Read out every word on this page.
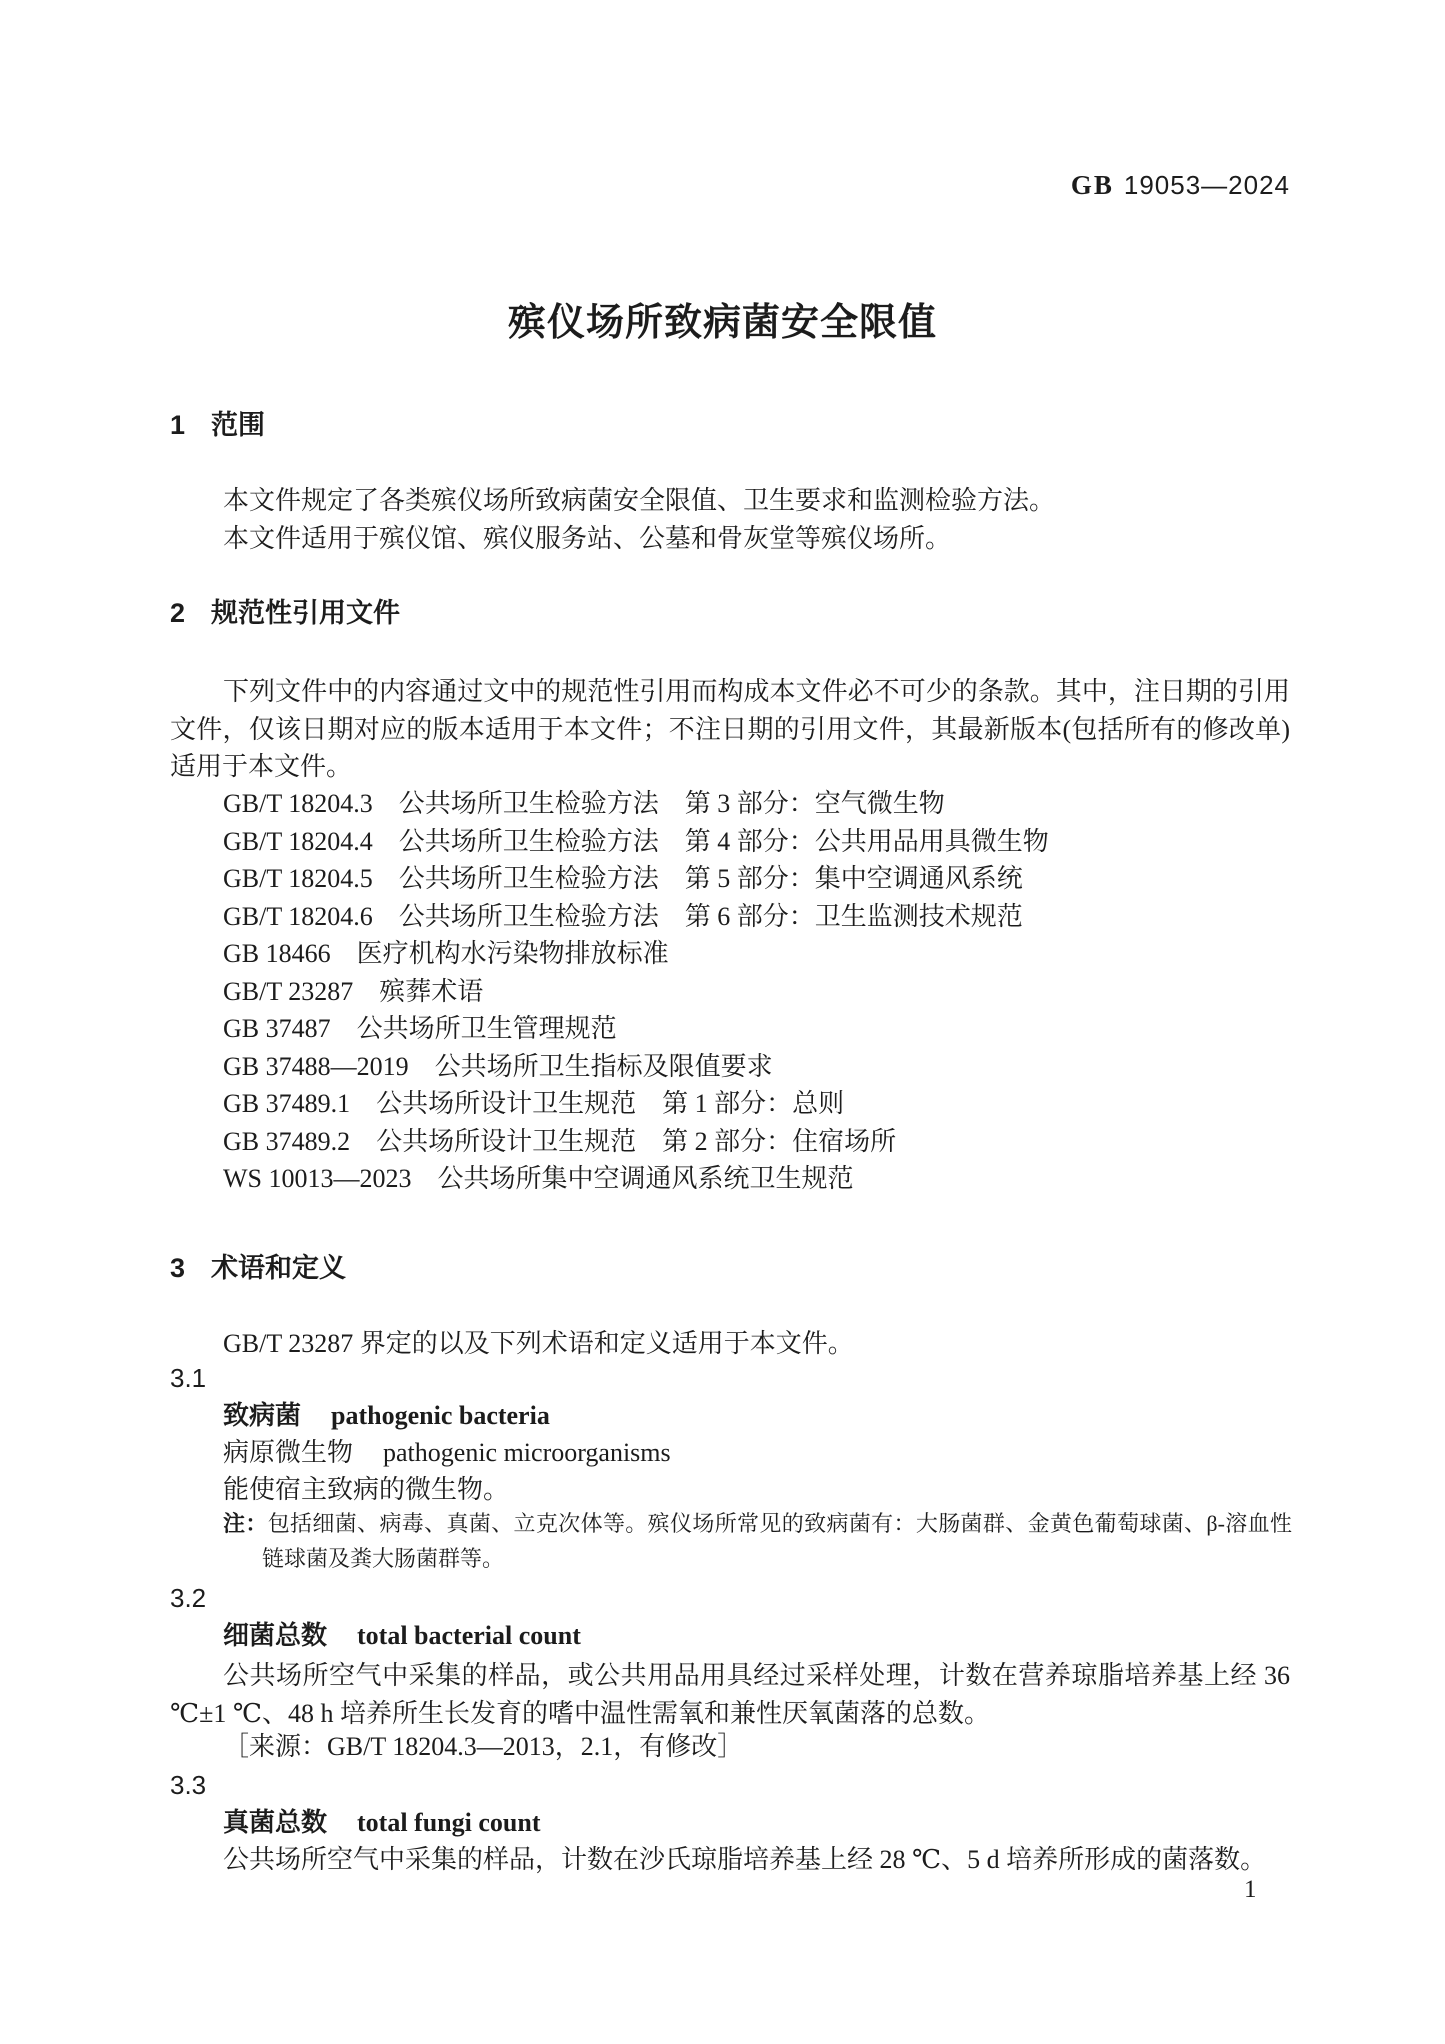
GB 19053—2024
殡仪场所致病菌安全限值
1 范围

本文件规定了各类殡仪场所致病菌安全限值、卫生要求和监测检验方法。

本文件适用于殡仪馆、殡仪服务站、公墓和骨灰堂等殡仪场所。

2 规范性引用文件

下列文件中的内容通过文中的规范性引用而构成本文件必不可少的条款。其中，注日期的引用文件，仅该日期对应的版本适用于本文件；不注日期的引用文件，其最新版本(包括所有的修改单)适用于本文件。

GB/T 18204.3　公共场所卫生检验方法　第 3 部分：空气微生物
GB/T 18204.4　公共场所卫生检验方法　第 4 部分：公共用品用具微生物
GB/T 18204.5　公共场所卫生检验方法　第 5 部分：集中空调通风系统
GB/T 18204.6　公共场所卫生检验方法　第 6 部分：卫生监测技术规范
GB 18466　医疗机构水污染物排放标准
GB/T 23287　殡葬术语
GB 37487　公共场所卫生管理规范
GB 37488—2019　公共场所卫生指标及限值要求
GB 37489.1　公共场所设计卫生规范　第 1 部分：总则
GB 37489.2　公共场所设计卫生规范　第 2 部分：住宿场所
WS 10013—2023　公共场所集中空调通风系统卫生规范
3 术语和定义

GB/T 23287 界定的以及下列术语和定义适用于本文件。

3.1
致病菌 pathogenic bacteria
病原微生物 pathogenic microorganisms
能使宿主致病的微生物。
注：包括细菌、病毒、真菌、立克次体等。殡仪场所常见的致病菌有：大肠菌群、金黄色葡萄球菌、β-溶血性链球菌及粪大肠菌群等。
3.2
细菌总数 total bacterial count

公共场所空气中采集的样品，或公共用品用具经过采样处理，计数在营养琼脂培养基上经 36 ℃±1 ℃、48 h 培养所生长发育的嗜中温性需氧和兼性厌氧菌落的总数。

［来源：GB/T 18204.3—2013，2.1，有修改］
3.3
真菌总数 total fungi count

公共场所空气中采集的样品，计数在沙氏琼脂培养基上经 28 ℃、5 d 培养所形成的菌落数。

1
